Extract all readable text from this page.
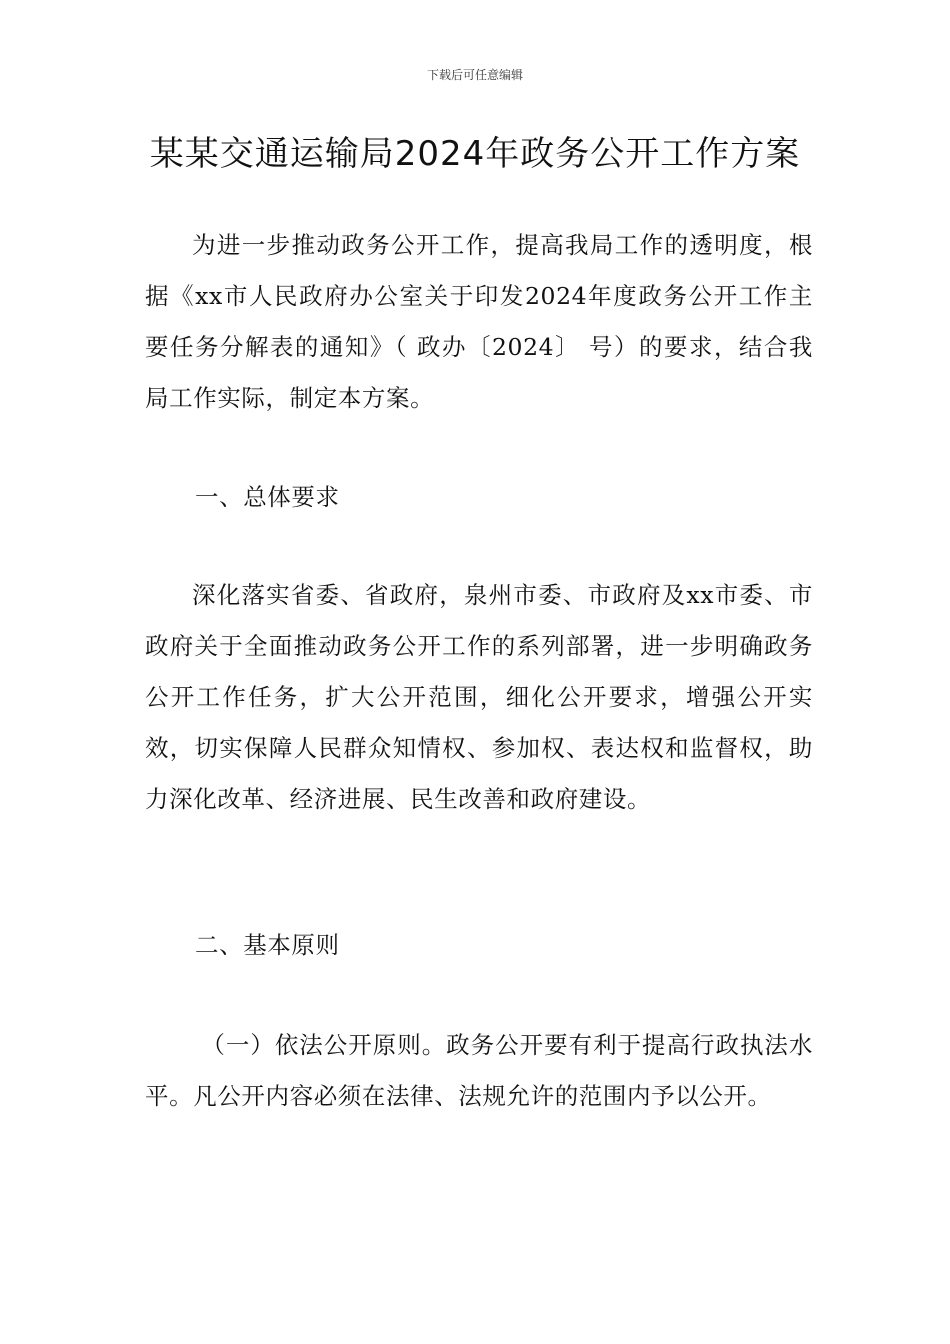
下载后可任意编辑
某某交通运输局2024年政务公开工作方案

为进一步推动政务公开工作，提高我局工作的透明度，根据《xx市人民政府办公室关于印发2024年度政务公开工作主要任务分解表的通知》（ 政办〔2024〕 号）的要求，结合我局工作实际，制定本方案。

一、总体要求

深化落实省委、省政府，泉州市委、市政府及xx市委、市政府关于全面推动政务公开工作的系列部署，进一步明确政务公开工作任务，扩大公开范围，细化公开要求，增强公开实效，切实保障人民群众知情权、参加权、表达权和监督权，助力深化改革、经济进展、民生改善和政府建设。

二、基本原则

（一）依法公开原则。政务公开要有利于提高行政执法水平。凡公开内容必须在法律、法规允许的范围内予以公开。
